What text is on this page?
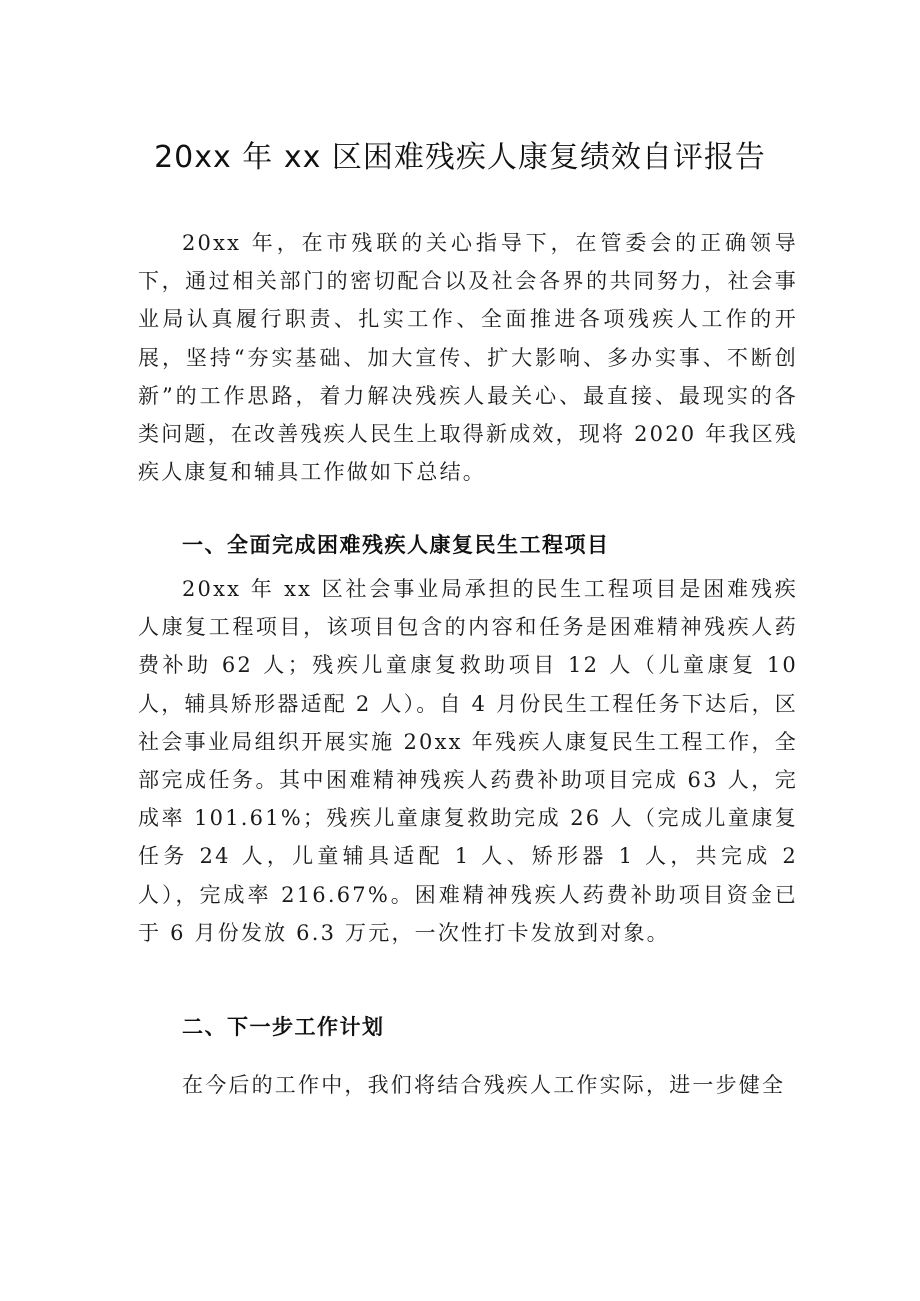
20xx 年 xx 区困难残疾人康复绩效自评报告

20xx 年，在市残联的关心指导下，在管委会的正确领导下，通过相关部门的密切配合以及社会各界的共同努力，社会事业局认真履行职责、扎实工作、全面推进各项残疾人工作的开展，坚持“夯实基础、加大宣传、扩大影响、多办实事、不断创新”的工作思路，着力解决残疾人最关心、最直接、最现实的各类问题，在改善残疾人民生上取得新成效，现将 2020 年我区残疾人康复和辅具工作做如下总结。

一、全面完成困难残疾人康复民生工程项目

20xx 年 xx 区社会事业局承担的民生工程项目是困难残疾人康复工程项目，该项目包含的内容和任务是困难精神残疾人药费补助 62 人；残疾儿童康复救助项目 12 人（儿童康复 10 人，辅具矫形器适配 2 人）。自 4 月份民生工程任务下达后，区社会事业局组织开展实施 20xx 年残疾人康复民生工程工作，全部完成任务。其中困难精神残疾人药费补助项目完成 63 人，完成率 101.61%；残疾儿童康复救助完成 26 人（完成儿童康复任务 24 人，儿童辅具适配 1 人、矫形器 1 人，共完成 2 人），完成率 216.67%。困难精神残疾人药费补助项目资金已于 6 月份发放 6.3 万元，一次性打卡发放到对象。

二、下一步工作计划

在今后的工作中，我们将结合残疾人工作实际，进一步健全
